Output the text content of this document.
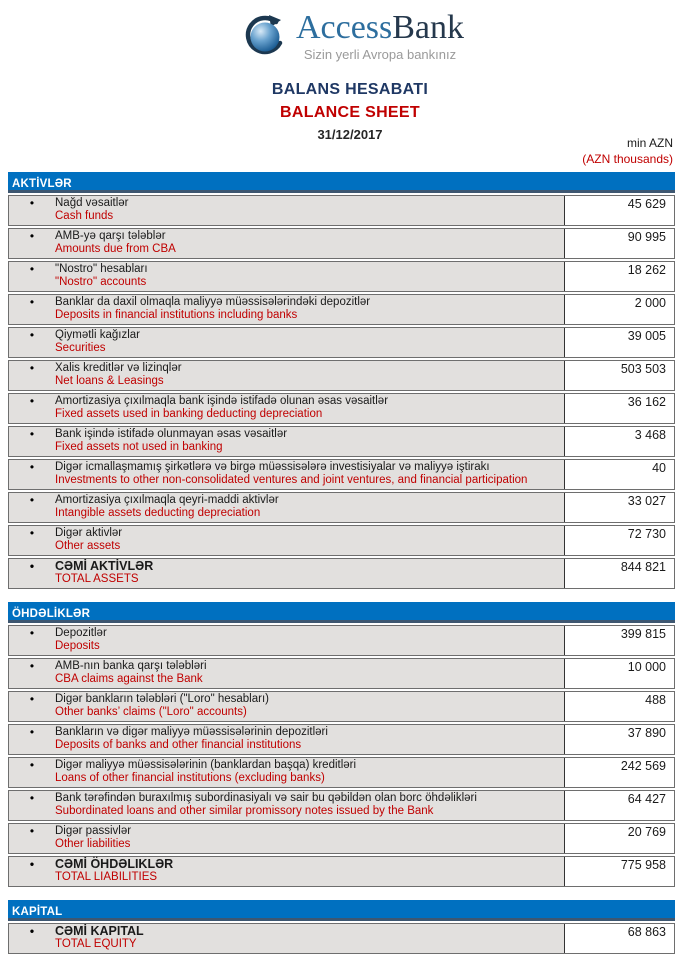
AccessBank
Sizin yerli Avropa bankınız
BALANS HESABATI
BALANCE SHEET
31/12/2017
min AZN
(AZN thousands)
AKTİVLƏR
•	Nağd vəsaitlər
Cash funds
45 629
•	AMB-yə qarşı tələblər
Amounts due from CBA
90 995
•	"Nostro" hesabları
"Nostro" accounts
18 262
•	Banklar da daxil olmaqla maliyyə müəssisələrindəki depozitlər
Deposits in financial institutions including banks
2 000
•	Qiymətli kağızlar
Securities
39 005
•	Xalis kreditlər və lizinqlər
Net loans & Leasings
503 503
•	Amortizasiya çıxılmaqla bank işində istifadə olunan əsas vəsaitlər
Fixed assets used in banking deducting depreciation
36 162
•	Bank işində istifadə olunmayan əsas vəsaitlər
Fixed assets not used in banking
3 468
•	Digər icmallaşmamış şirkətlərə və birgə müəssisələrə investisiyalar və maliyyə iştirakı
Investments to other non-consolidated ventures and joint ventures, and financial participation
40
•	Amortizasiya çıxılmaqla qeyri-maddi aktivlər
Intangible assets deducting depreciation
33 027
•	Digər aktivlər
Other assets
72 730
•	CƏMİ AKTİVLƏR
TOTAL ASSETS
844 821
ÖHDƏLİKLƏR
•	Depozitlər
Deposits
399 815
•	AMB-nın banka qarşı tələbləri
CBA claims against the Bank
10 000
•	Digər bankların tələbləri ("Loro" hesabları)
Other banks’ claims ("Loro" accounts)
488
•	Bankların və digər maliyyə müəssisələrinin depozitləri
Deposits of banks and other financial institutions
37 890
•	Digər maliyyə müəssisələrinin (banklardan başqa) kreditləri
Loans of other financial institutions (excluding banks)
242 569
•	Bank tərəfindən buraxılmış subordinasiyalı və sair bu qəbildən olan borc öhdəlikləri
Subordinated loans and other similar promissory notes issued by the Bank
64 427
•	Digər passivlər
Other liabilities
20 769
•	CƏMİ ÖHDƏLIKLƏR
TOTAL LIABILITIES
775 958
KAPİTAL
•	CƏMİ KAPITAL
TOTAL EQUITY
68 863
